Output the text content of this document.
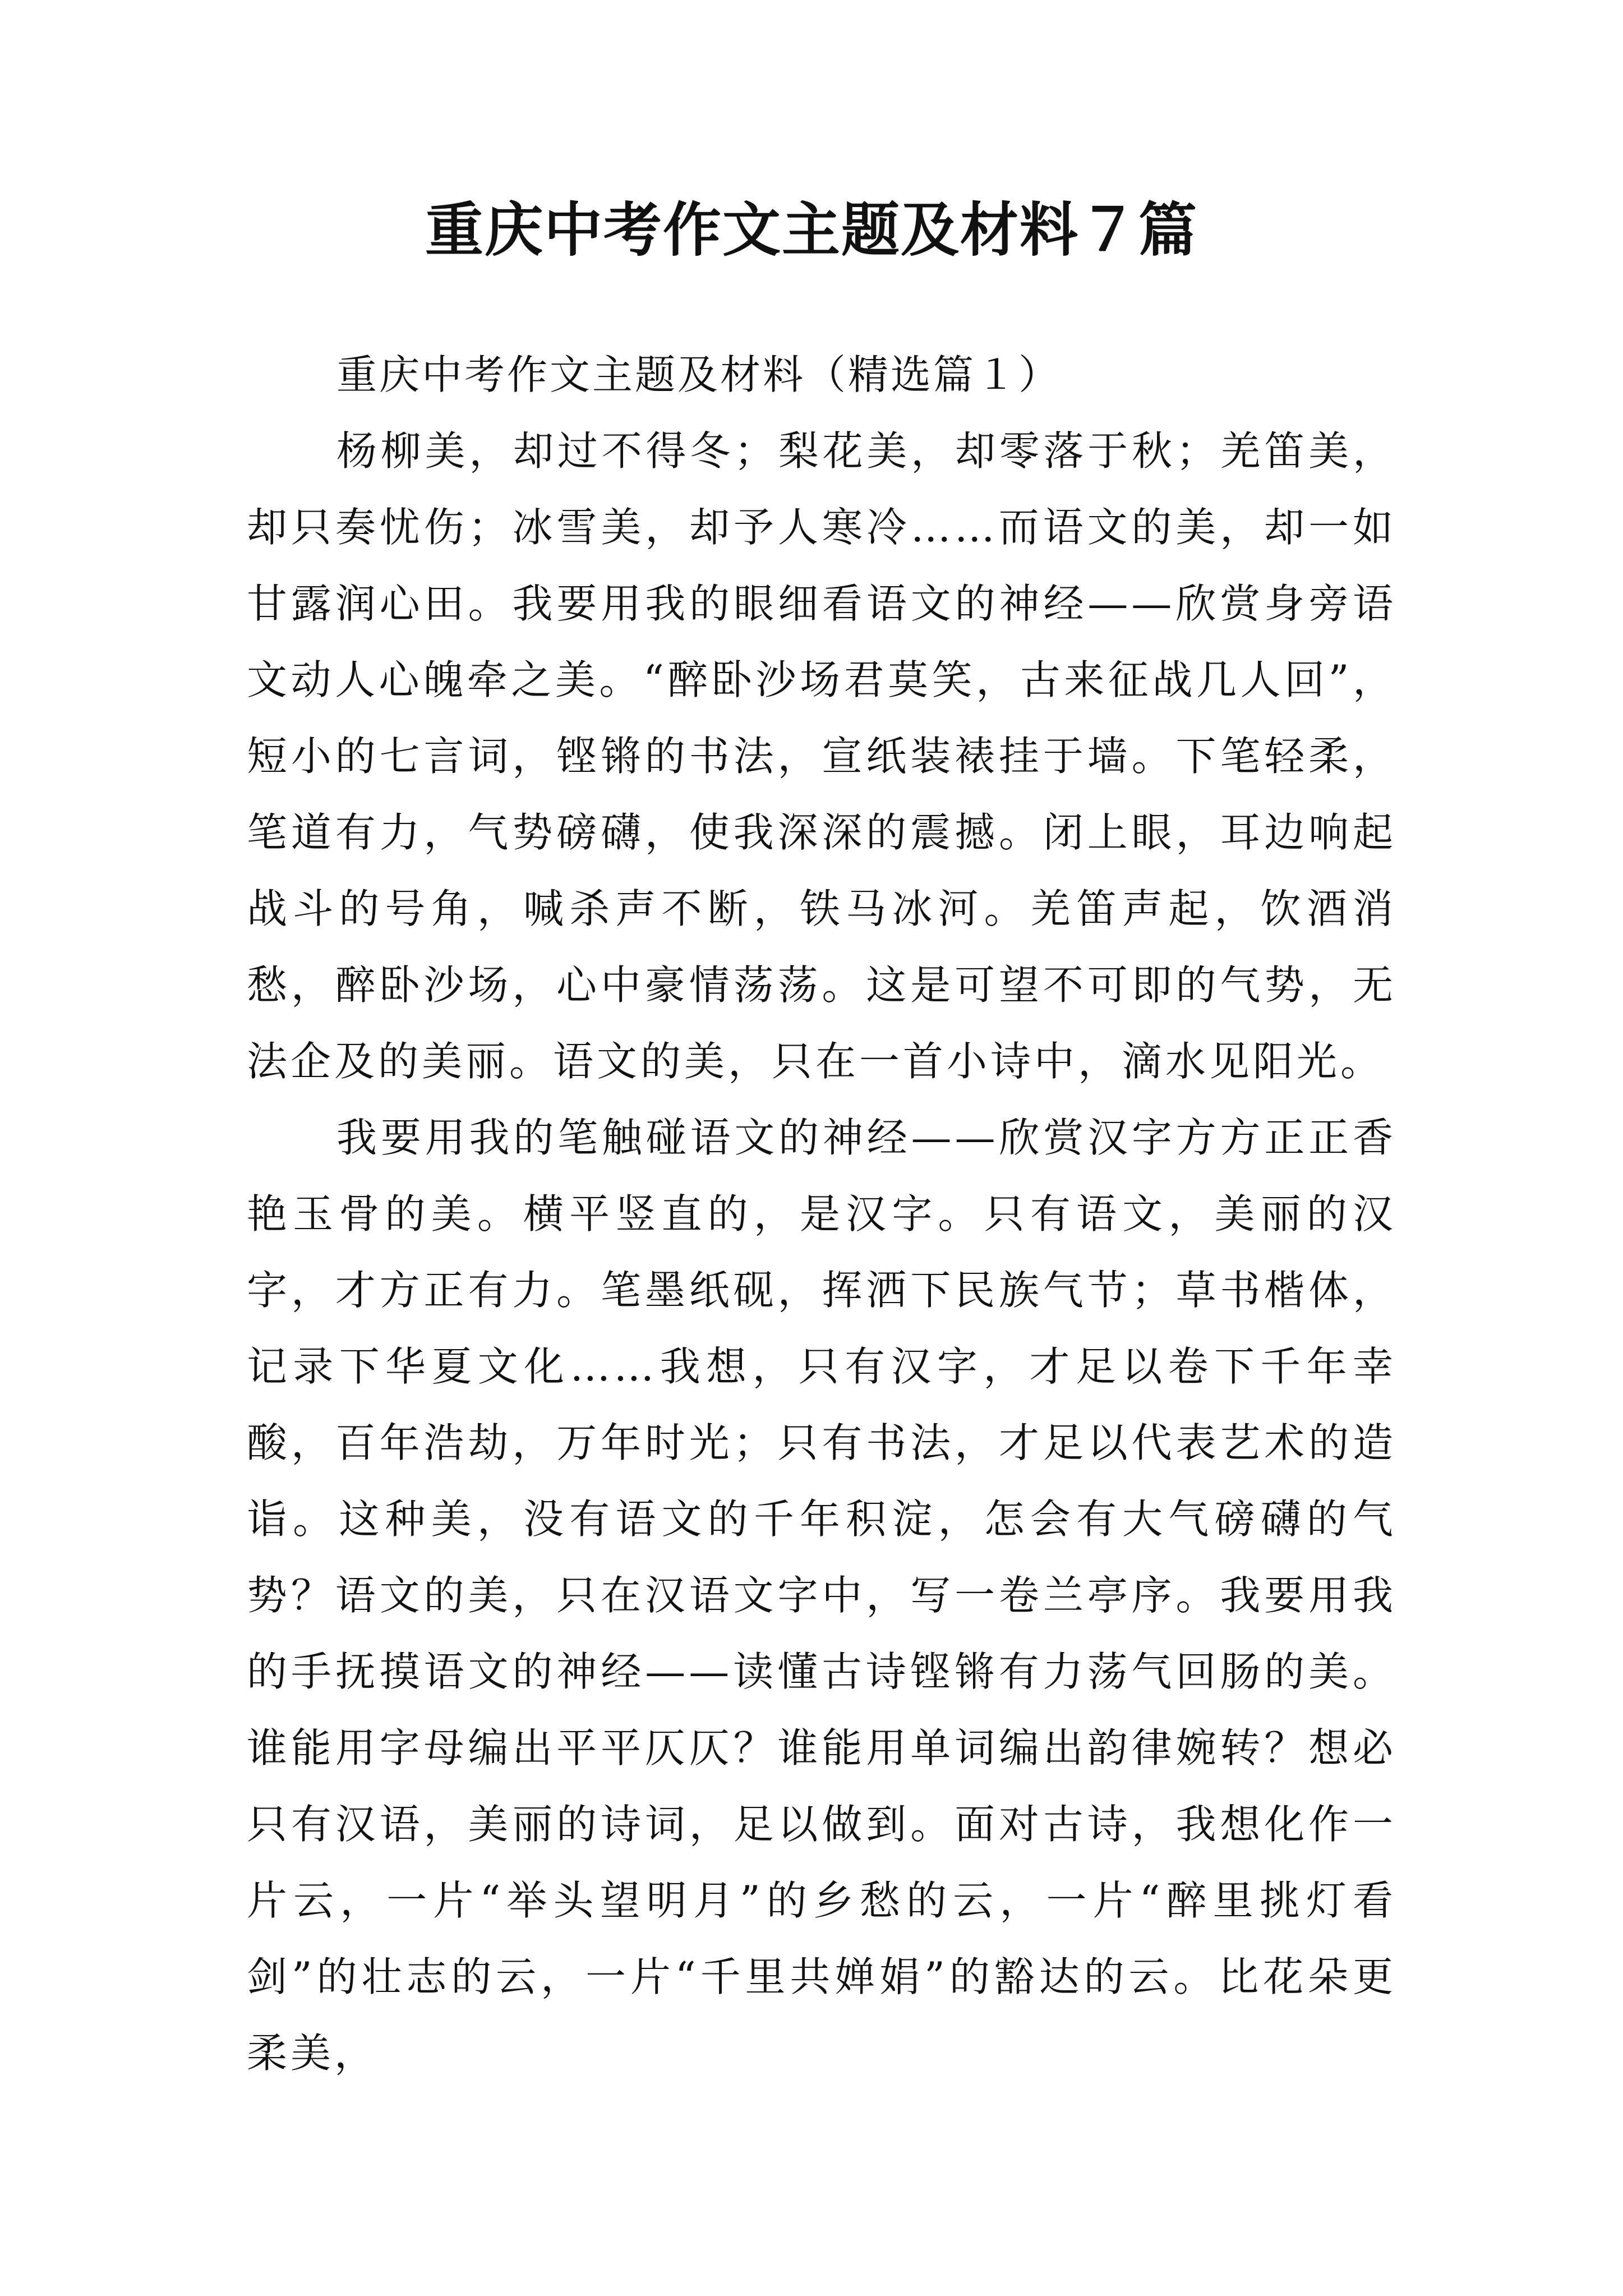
重庆中考作文主题及材料７篇

重庆中考作文主题及材料（精选篇１）

杨柳美，却过不得冬；梨花美，却零落于秋；羌笛美，却只奏忧伤；冰雪美，却予人寒冷……而语文的美，却一如甘露润心田。我要用我的眼细看语文的神经——欣赏身旁语文动人心魄牵之美。“醉卧沙场君莫笑，古来征战几人回”，短小的七言词，铿锵的书法，宣纸装裱挂于墙。下笔轻柔，笔道有力，气势磅礴，使我深深的震撼。闭上眼，耳边响起战斗的号角，喊杀声不断，铁马冰河。羌笛声起，饮酒消愁，醉卧沙场，心中豪情荡荡。这是可望不可即的气势，无法企及的美丽。语文的美，只在一首小诗中，滴水见阳光。

我要用我的笔触碰语文的神经——欣赏汉字方方正正香艳玉骨的美。横平竖直的，是汉字。只有语文，美丽的汉字，才方正有力。笔墨纸砚，挥洒下民族气节；草书楷体，记录下华夏文化……我想，只有汉字，才足以卷下千年幸酸，百年浩劫，万年时光；只有书法，才足以代表艺术的造诣。这种美，没有语文的千年积淀，怎会有大气磅礴的气势？语文的美，只在汉语文字中，写一卷兰亭序。我要用我的手抚摸语文的神经——读懂古诗铿锵有力荡气回肠的美。谁能用字母编出平平仄仄？谁能用单词编出韵律婉转？想必只有汉语，美丽的诗词，足以做到。面对古诗，我想化作一片云，一片“举头望明月”的乡愁的云，一片“醉里挑灯看剑”的壮志的云，一片“千里共婵娟”的豁达的云。比花朵更柔美，
